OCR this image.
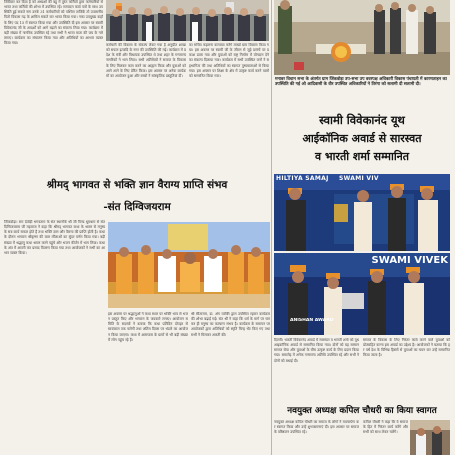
जिविकर कर दिया है को अध्यक्षों की बहु में तुरंत कर्मियों द्वारा कर्मचारियों से भारत तथा कर्मियों की शोभा में उपस्थित रहें। सम्पादन कार्य पत्रों के साथ उपस्थिति हुई सकते नाग उनके 31 कर्मचारियों को पश्चिम ताजिके तो उपासनीय पितो विकास गढ़ के शामिल सकते कर भारत किया गया। नका उपमुख्य कहाँ के लिए पद 15 में स्वागत किया गया और उपस्थिति दी इस अवसर पर स्वामी विवेकानंद जी के आदर्शों को आगे बढ़ाने का संकल्प लिया गया। कार्यक्रम में बड़ी संख्या में नागरिक उपस्थित रहे तथा सभी ने भारत माता की जय के नारे लगाए। कार्यक्रम का संचालन किया गया और अतिथियों का आभार व्यक्त किया गया।	कर्मचारी की विकास के संकल्प लेकर गया है अनुप्रीत शाखा को सफल इत्यादि के नगर की उपस्थिति की गई। कार्यक्रम में प्रदेश के मंत्री और विधायक उपस्थित थे तथा शहर के गणमान्य नागरिकों ने भाग लिया। सभी अतिथियों ने समाज के विकास के लिए मिलकर काम करने का आह्वान किया और युवाओं को आगे आने के लिए प्रेरित किया। इस अवसर पर अनेक कार्यक्रमों का आयोजन हुआ और बच्चों ने सांस्कृतिक प्रस्तुतियां दीं।

का सचिव कहलना करवाया करेंगे लाखों ग्राम विकास किया गया। इस अवसर पर स्वामी जी के जीवन से जुड़े प्रसंगों पर प्रकाश डाला गया और युवाओं को राष्ट्र निर्माण में योगदान देने का संकल्प दिलाया गया। कार्यक्रम में सभी उपस्थित जनों ने सहभागिता की तथा अतिथियों का स्वागत पुष्पमालाओं से किया गया। इस अवसर पर शिक्षा के क्षेत्र में उत्कृष्ट कार्य करने वालों को सम्मानित किया गया।

मनावर विधान सभा के अंतर्गत ग्राम जिंकवोड़ा उप-सभा उप ववरपक्ष अधिकारी विकास पंचायती में कारणताहन का उपस्थिति की गई ओ आदिवासी के वीर उपस्थित अधिकारियों ने तिरंगा को सलामी दी सलामी दी।
स्वामी विवेकानंद यूथ
आईकॉनिक अवार्ड से सारस्वत
व भारती शर्मा सम्मानित
श्रीमद् भागवत से भक्ति ज्ञान वैराग्य प्राप्ति संभव
-संत दिग्विजयराम

जिंकवोड़ा। राम देवोड़ी भगवताम के संत स्थानोंके श्री जी पिण्ड धूमधाम से संत दिग्विजयराम जी महाराज ने कहा कि श्रीमद् भागवत कथा के श्रवण से मनुष्य के सब कार्य सफल होते हैं तथा भक्ति ज्ञान और वैराग्य की प्राप्ति होती है। कथा के दौरान भगवान श्रीकृष्ण की बाल लीलाओं का सुंदर वर्णन किया गया। बड़ी संख्या में श्रद्धालु कथा श्रवण करने पहुंचे और भजन कीर्तन में भाग लिया। कथा के अंत में आरती कर प्रसाद वितरण किया गया तथा आयोजकों ने सभी का आभार व्यक्त किया।

इस अवसर पर श्रद्धालुओं ने कथा स्थल पर भक्ति भाव से भजन प्रस्तुत किए और भगवान के जयकारे लगाए। आयोजन समिति के सदस्यों ने बताया कि कथा प्रतिदिन दोपहर से सायंकाल तक चलेगी तथा अंतिम दिवस पर भंडारे का आयोजन किया जाएगा। कथा में आसपास के ग्रामों से भी बड़ी संख्या में लोग पहुंच रहे हैं।

श्री सीताराम, डा. अंग व्यक्ति द्वारा उपस्थित रहकर कार्यक्रम की शोभा बढ़ाई गई। संत श्री ने कहा कि धर्म के मार्ग पर चलकर ही मनुष्य का कल्याण संभव है। कार्यक्रम के समापन पर आयोजकों द्वारा अतिथियों को स्मृति चिन्ह भेंट किए गए तथा सभी ने मिलकर आरती की।

HILTIYA SAMAJ SWAMI VIV
SWAMI VIVEK
ANISHAN AWARD

दिल्ली। भारती विवेकानंद अवार्ड में सारस्वत व भारती शर्मा को यूथ आइकॉनिक अवार्ड से सम्मानित किया गया। दोनों को यह सम्मान समाज सेवा और युवाओं के बीच उत्कृष्ट कार्य के लिए प्रदान किया गया। समारोह में अनेक गणमान्य अतिथि उपस्थित रहे और सभी ने दोनों को बधाई दी।

समाज के विकास के लिए निरंतर कार्य करने वाले युवाओं को प्रोत्साहित करना इस अवार्ड का उद्देश्य है। आयोजकों ने बताया कि हर वर्ष देश के विभिन्न हिस्सों से युवाओं का चयन कर उन्हें सम्मानित किया जाता है।

नवयुक्त अध्यक्ष कपिल चौधरी का किया स्वागत

नवयुक्त अध्यक्ष कपिल चौधरी का समाज के लोगों ने माल्यार्पण कर स्वागत किया और उन्हें शुभकामनाएं दीं। इस अवसर पर समाज के वरिष्ठजन उपस्थित रहे।

कपिल चौधरी ने कहा कि वे समाज के हित में निरंतर कार्य करेंगे और सभी को साथ लेकर चलेंगे।
